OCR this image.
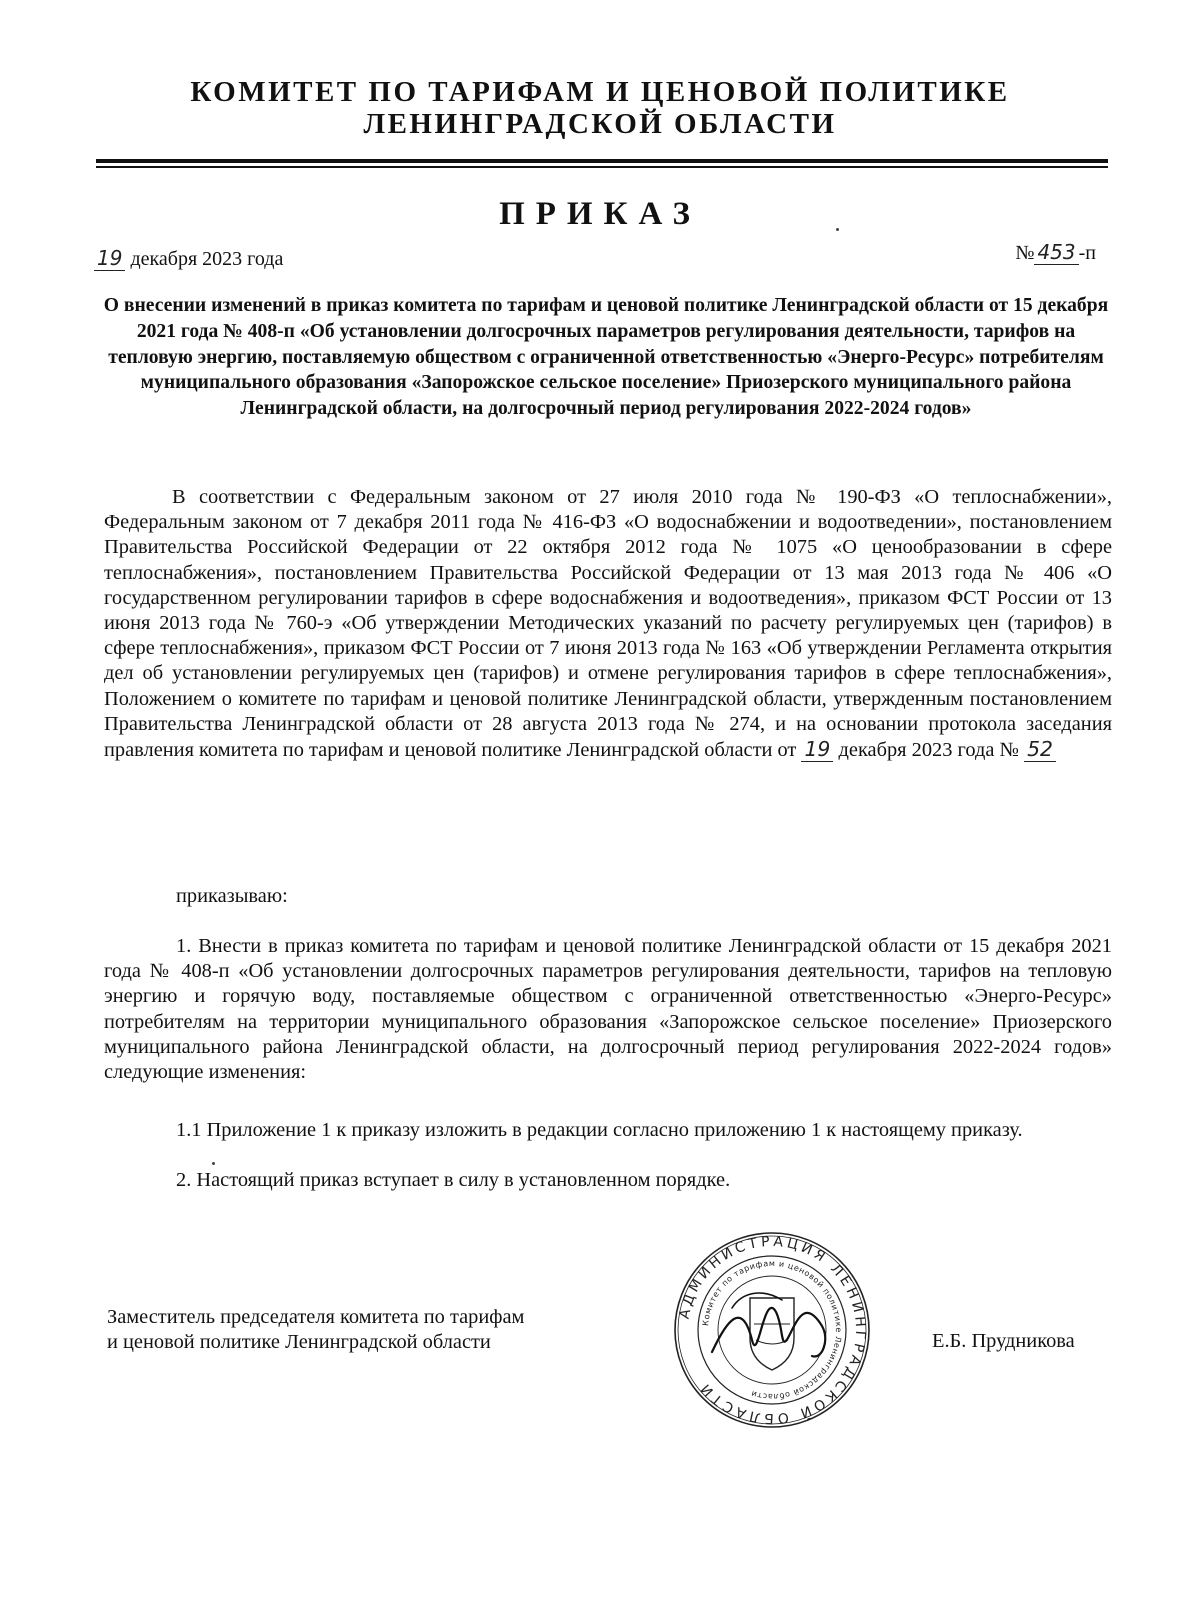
КОМИТЕТ ПО ТАРИФАМ И ЦЕНОВОЙ ПОЛИТИКЕ
ЛЕНИНГРАДСКОЙ ОБЛАСТИ
ПРИКАЗ
19 декабря 2023 года	№ 453 -п
О внесении изменений в приказ комитета по тарифам и ценовой политике Ленинградской области от 15 декабря 2021 года № 408-п «Об установлении долгосрочных параметров регулирования деятельности, тарифов на тепловую энергию, поставляемую обществом с ограниченной ответственностью «Энерго-Ресурс» потребителям муниципального образования «Запорожское сельское поселение» Приозерского муниципального района Ленинградской области, на долгосрочный период регулирования 2022-2024 годов»
В соответствии с Федеральным законом от 27 июля 2010 года № 190-ФЗ «О теплоснабжении», Федеральным законом от 7 декабря 2011 года № 416-ФЗ «О водоснабжении и водоотведении», постановлением Правительства Российской Федерации от 22 октября 2012 года № 1075 «О ценообразовании в сфере теплоснабжения», постановлением Правительства Российской Федерации от 13 мая 2013 года № 406 «О государственном регулировании тарифов в сфере водоснабжения и водоотведения», приказом ФСТ России от 13 июня 2013 года № 760-э «Об утверждении Методических указаний по расчету регулируемых цен (тарифов) в сфере теплоснабжения», приказом ФСТ России от 7 июня 2013 года № 163 «Об утверждении Регламента открытия дел об установлении регулируемых цен (тарифов) и отмене регулирования тарифов в сфере теплоснабжения», Положением о комитете по тарифам и ценовой политике Ленинградской области, утвержденным постановлением Правительства Ленинградской области от 28 августа 2013 года № 274, и на основании протокола заседания правления комитета по тарифам и ценовой политике Ленинградской области от 19 декабря 2023 года № 52
приказываю:
1. Внести в приказ комитета по тарифам и ценовой политике Ленинградской области от 15 декабря 2021 года № 408-п «Об установлении долгосрочных параметров регулирования деятельности, тарифов на тепловую энергию и горячую воду, поставляемые обществом с ограниченной ответственностью «Энерго-Ресурс» потребителям на территории муниципального образования «Запорожское сельское поселение» Приозерского муниципального района Ленинградской области, на долгосрочный период регулирования 2022-2024 годов» следующие изменения:
1.1 Приложение 1 к приказу изложить в редакции согласно приложению 1 к настоящему приказу.
2. Настоящий приказ вступает в силу в установленном порядке.
Заместитель председателя комитета по тарифам
и ценовой политике Ленинградской области
АДМИНИСТРАЦИЯ ЛЕНИНГРАДСКОЙ ОБЛАСТИ
Комитет по тарифам и ценовой политике Ленинградской области
Е.Б. Прудникова
